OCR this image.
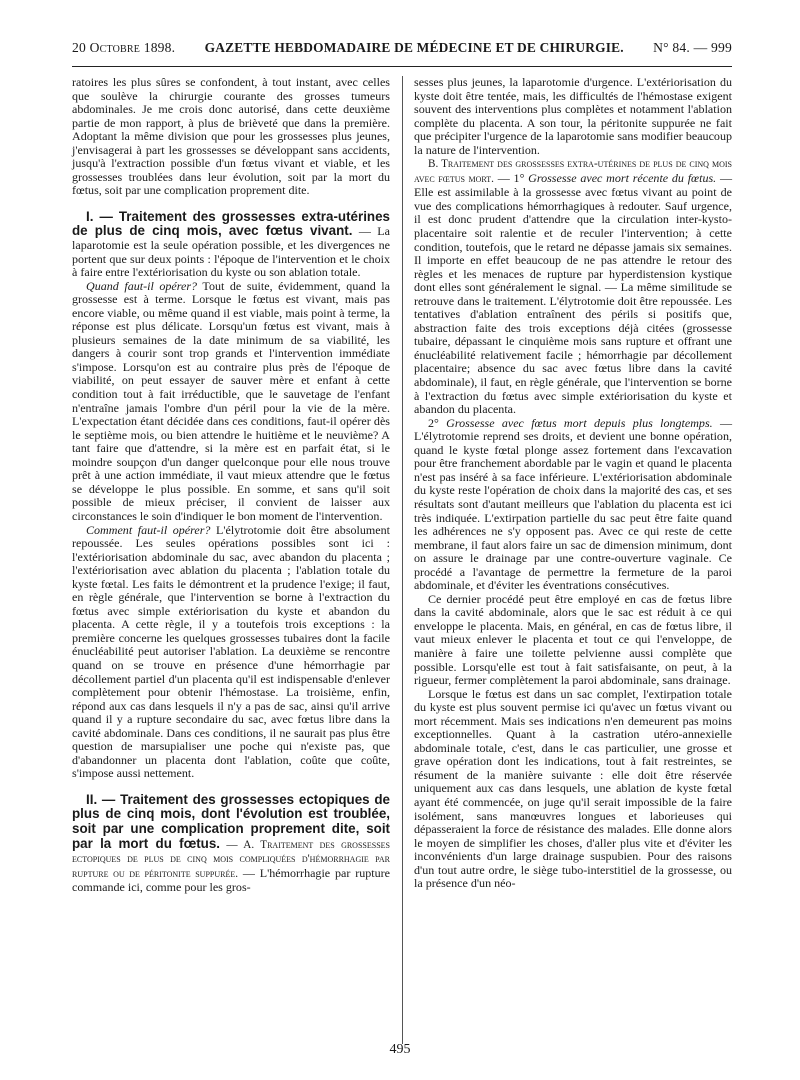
20 Octobre 1898. GAZETTE HEBDOMADAIRE DE MÉDECINE ET DE CHIRURGIE. N° 84. — 999

ratoires les plus sûres se confondent, à tout instant, avec celles que soulève la chirurgie courante des grosses tumeurs abdominales. Je me crois donc autorisé, dans cette deuxième partie de mon rapport, à plus de brièveté que dans la première. Adoptant la même division que pour les grossesses plus jeunes, j'envisagerai à part les grossesses se développant sans accidents, jusqu'à l'extraction possible d'un fœtus vivant et viable, et les grossesses troublées dans leur évolution, soit par la mort du fœtus, soit par une complication proprement dite.

I. — Traitement des grossesses extra-utérines de plus de cinq mois, avec fœtus vivant. — La laparotomie est la seule opération possible, et les divergences ne portent que sur deux points : l'époque de l'intervention et le choix à faire entre l'extériorisation du kyste ou son ablation totale.

Quand faut-il opérer? Tout de suite, évidemment, quand la grossesse est à terme. Lorsque le fœtus est vivant, mais pas encore viable, ou même quand il est viable, mais point à terme, la réponse est plus délicate. Lorsqu'un fœtus est vivant, mais à plusieurs semaines de la date minimum de sa viabilité, les dangers à courir sont trop grands et l'intervention immédiate s'impose. Lorsqu'on est au contraire plus près de l'époque de viabilité, on peut essayer de sauver mère et enfant à cette condition tout à fait irréductible, que le sauvetage de l'enfant n'entraîne jamais l'ombre d'un péril pour la vie de la mère. L'expectation étant décidée dans ces conditions, faut-il opérer dès le septième mois, ou bien attendre le huitième et le neuvième? A tant faire que d'attendre, si la mère est en parfait état, si le moindre soupçon d'un danger quelconque pour elle nous trouve prêt à une action immédiate, il vaut mieux attendre que le fœtus se développe le plus possible. En somme, et sans qu'il soit possible de mieux préciser, il convient de laisser aux circonstances le soin d'indiquer le bon moment de l'intervention.

Comment faut-il opérer? L'élytrotomie doit être absolument repoussée. Les seules opérations possibles sont ici : l'extériorisation abdominale du sac, avec abandon du placenta ; l'extériorisation avec ablation du placenta ; l'ablation totale du kyste fœtal. Les faits le démontrent et la prudence l'exige; il faut, en règle générale, que l'intervention se borne à l'extraction du fœtus avec simple extériorisation du kyste et abandon du placenta. A cette règle, il y a toutefois trois exceptions : la première concerne les quelques grossesses tubaires dont la facile énucléabilité peut autoriser l'ablation. La deuxième se rencontre quand on se trouve en présence d'une hémorrhagie par décollement partiel d'un placenta qu'il est indispensable d'enlever complètement pour obtenir l'hémostase. La troisième, enfin, répond aux cas dans lesquels il n'y a pas de sac, ainsi qu'il arrive quand il y a rupture secondaire du sac, avec fœtus libre dans la cavité abdominale. Dans ces conditions, il ne saurait pas plus être question de marsupialiser une poche qui n'existe pas, que d'abandonner un placenta dont l'ablation, coûte que coûte, s'impose aussi nettement.

II. — Traitement des grossesses ectopiques de plus de cinq mois, dont l'évolution est troublée, soit par une complication proprement dite, soit par la mort du fœtus. — A. Traitement des grossesses ectopiques de plus de cinq mois compliquées d'hémorrhagie par rupture ou de péritonite suppurée. — L'hémorrhagie par rupture commande ici, comme pour les gros-

sesses plus jeunes, la laparotomie d'urgence. L'extériorisation du kyste doit être tentée, mais, les difficultés de l'hémostase exigent souvent des interventions plus complètes et notamment l'ablation complète du placenta. A son tour, la péritonite suppurée ne fait que précipiter l'urgence de la laparotomie sans modifier beaucoup la nature de l'intervention.

B. Traitement des grossesses extra-utérines de plus de cinq mois avec fœtus mort. — 1° Grossesse avec mort récente du fœtus. — Elle est assimilable à la grossesse avec fœtus vivant au point de vue des complications hémorrhagiques à redouter. Sauf urgence, il est donc prudent d'attendre que la circulation inter-kysto-placentaire soit ralentie et de reculer l'intervention; à cette condition, toutefois, que le retard ne dépasse jamais six semaines. Il importe en effet beaucoup de ne pas attendre le retour des règles et les menaces de rupture par hyperdistension kystique dont elles sont généralement le signal. — La même similitude se retrouve dans le traitement. L'élytrotomie doit être repoussée. Les tentatives d'ablation entraînent des périls si positifs que, abstraction faite des trois exceptions déjà citées (grossesse tubaire, dépassant le cinquième mois sans rupture et offrant une énucléabilité relativement facile ; hémorrhagie par décollement placentaire; absence du sac avec fœtus libre dans la cavité abdominale), il faut, en règle générale, que l'intervention se borne à l'extraction du fœtus avec simple extériorisation du kyste et abandon du placenta.

2° Grossesse avec fœtus mort depuis plus longtemps. — L'élytrotomie reprend ses droits, et devient une bonne opération, quand le kyste fœtal plonge assez fortement dans l'excavation pour être franchement abordable par le vagin et quand le placenta n'est pas inséré à sa face inférieure. L'extériorisation abdominale du kyste reste l'opération de choix dans la majorité des cas, et ses résultats sont d'autant meilleurs que l'ablation du placenta est ici très indiquée. L'extirpation partielle du sac peut être faite quand les adhérences ne s'y opposent pas. Avec ce qui reste de cette membrane, il faut alors faire un sac de dimension minimum, dont on assure le drainage par une contre-ouverture vaginale. Ce procédé a l'avantage de permettre la fermeture de la paroi abdominale, et d'éviter les éventrations consécutives.

Ce dernier procédé peut être employé en cas de fœtus libre dans la cavité abdominale, alors que le sac est réduit à ce qui enveloppe le placenta. Mais, en général, en cas de fœtus libre, il vaut mieux enlever le placenta et tout ce qui l'enveloppe, de manière à faire une toilette pelvienne aussi complète que possible. Lorsqu'elle est tout à fait satisfaisante, on peut, à la rigueur, fermer complètement la paroi abdominale, sans drainage.

Lorsque le fœtus est dans un sac complet, l'extirpation totale du kyste est plus souvent permise ici qu'avec un fœtus vivant ou mort récemment. Mais ses indications n'en demeurent pas moins exceptionnelles. Quant à la castration utéro-annexielle abdominale totale, c'est, dans le cas particulier, une grosse et grave opération dont les indications, tout à fait restreintes, se résument de la manière suivante : elle doit être réservée uniquement aux cas dans lesquels, une ablation de kyste fœtal ayant été commencée, on juge qu'il serait impossible de la faire isolément, sans manœuvres longues et laborieuses qui dépasseraient la force de résistance des malades. Elle donne alors le moyen de simplifier les choses, d'aller plus vite et d'éviter les inconvénients d'un large drainage suspubien. Pour des raisons d'un tout autre ordre, le siège tubo-interstitiel de la grossesse, ou la présence d'un néo-

495
